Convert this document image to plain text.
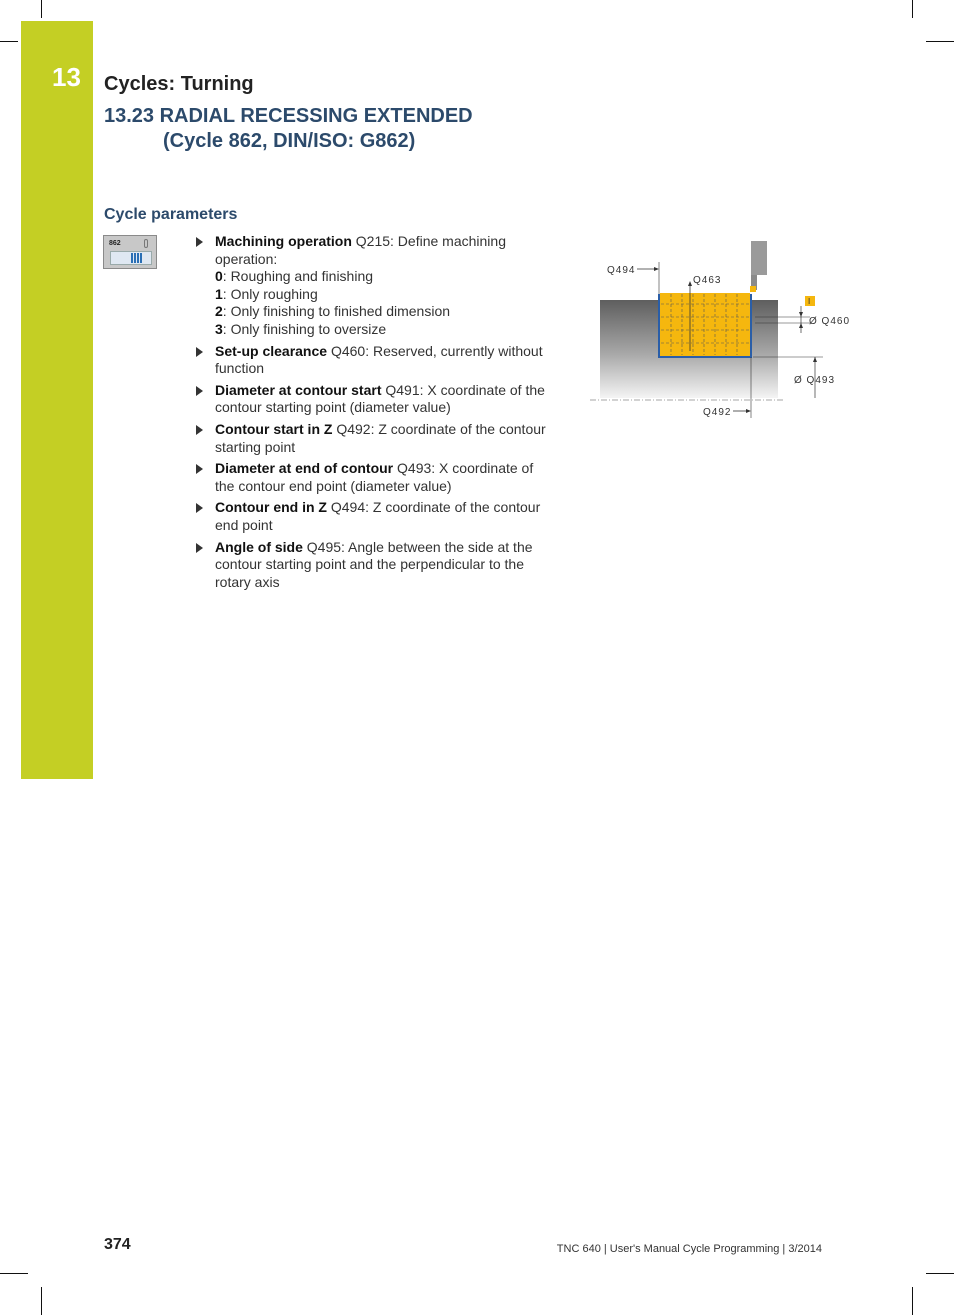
13 Cycles: Turning
13.23 RADIAL RECESSING EXTENDED
(Cycle 862, DIN/ISO: G862)
Cycle parameters
862	Machining operation Q215: Define machining operation:
0: Roughing and finishing
1: Only roughing
2: Only finishing to finished dimension
3: Only finishing to oversize
Set-up clearance Q460: Reserved, currently without function
Diameter at contour start Q491: X coordinate of the contour starting point (diameter value)
Contour start in Z Q492: Z coordinate of the contour starting point
Diameter at end of contour Q493: X coordinate of the contour end point (diameter value)
Contour end in Z Q494: Z coordinate of the contour end point
Angle of side Q495: Angle between the side at the contour starting point and the perpendicular to the rotary axis
Q494
Q463
I
Ø Q460
Ø Q493
Q492
374	TNC 640 | User's Manual Cycle Programming | 3/2014
